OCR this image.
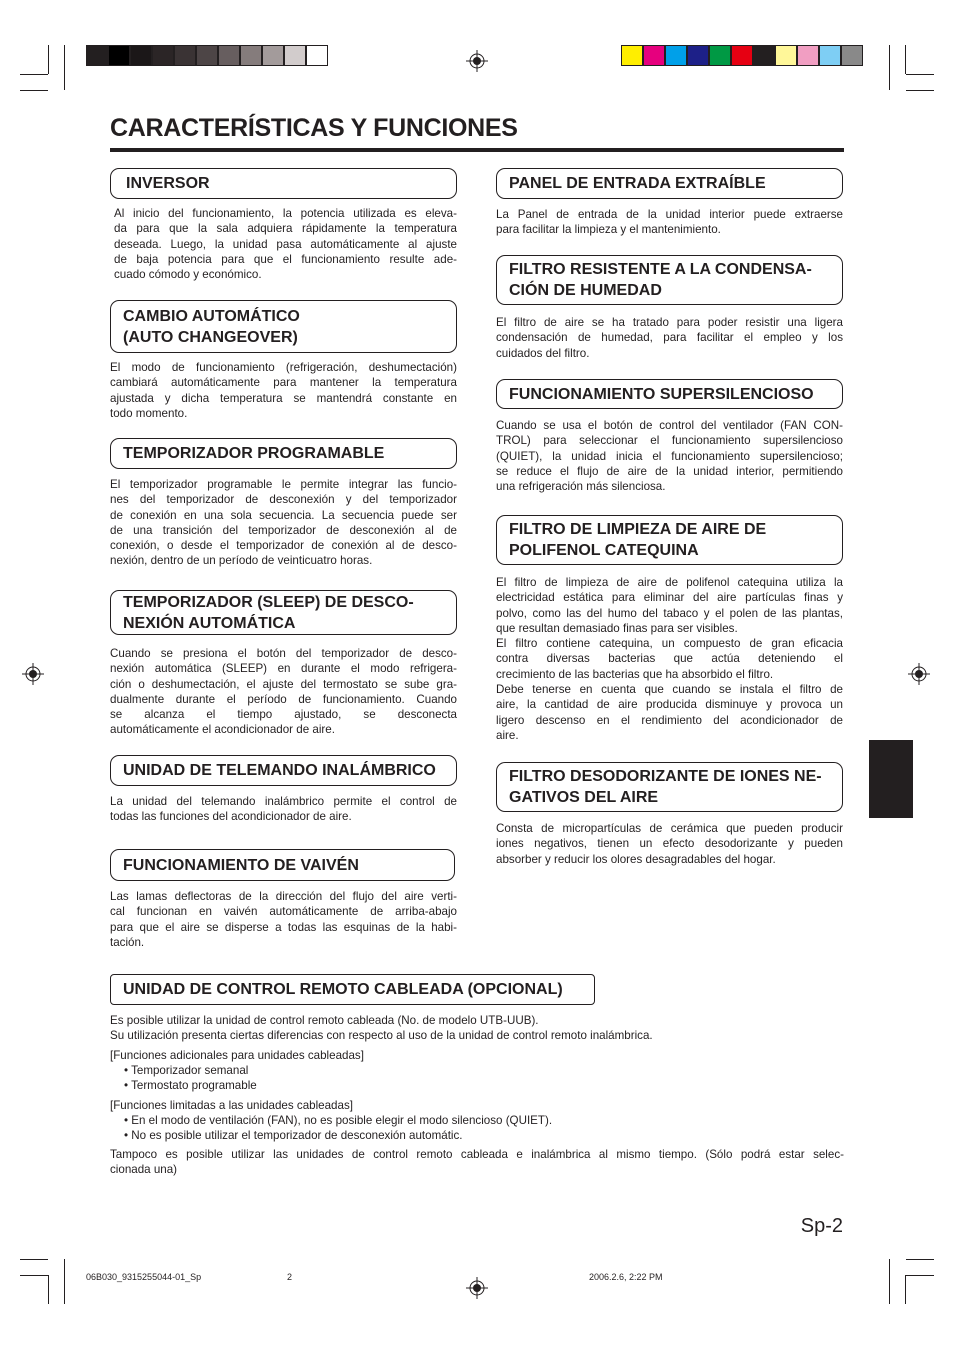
CARACTERÍSTICAS Y FUNCIONES
INVERSOR
CAMBIO AUTOMÁTICO
(AUTO CHANGEOVER)
TEMPORIZADOR PROGRAMABLE
TEMPORIZADOR (SLEEP) DE DESCO-
NEXIÓN AUTOMÁTICA
UNIDAD DE TELEMANDO INALÁMBRICO
FUNCIONAMIENTO DE VAIVÉN
Al inicio del funcionamiento, la potencia utilizada es eleva-
da para que la sala adquiera rápidamente la temperatura
deseada. Luego, la unidad pasa automáticamente al ajuste
de baja potencia para que el funcionamiento resulte ade-
cuado cómodo y económico.
El modo de funcionamiento (refrigeración, deshumectación)
cambiará automáticamente para mantener la temperatura
ajustada y dicha temperatura se mantendrá constante en
todo momento.
El temporizador programable le permite integrar las funcio-
nes del temporizador de desconexión y del temporizador
de conexión en una sola secuencia. La secuencia puede ser
de una transición del temporizador de desconexión al de
conexión, o desde el temporizador de conexión al de desco-
nexión, dentro de un período de veinticuatro horas.
Cuando se presiona el botón del temporizador de desco-
nexión automática (SLEEP) en durante el modo refrigera-
ción o deshumectación, el ajuste del termostato se sube gra-
dualmente durante el período de funcionamiento. Cuando
se alcanza el tiempo ajustado, se desconecta
automáticamente el acondicionador de aire.
La unidad del telemando inalámbrico permite el control de
todas las funciones del acondicionador de aire.
Las lamas deflectoras de la dirección del flujo del aire verti-
cal funcionan en vaivén automáticamente de arriba-abajo
para que el aire se disperse a todas las esquinas de la habi-
tación.
PANEL DE ENTRADA EXTRAÍBLE
FILTRO RESISTENTE A LA CONDENSA-
CIÓN DE HUMEDAD
FUNCIONAMIENTO SUPERSILENCIOSO
FILTRO DE LIMPIEZA DE AIRE DE
POLIFENOL CATEQUINA
FILTRO DESODORIZANTE DE IONES NE-
GATIVOS DEL AIRE
La Panel de entrada de la unidad interior puede extraerse
para facilitar la limpieza y el mantenimiento.
El filtro de aire se ha tratado para poder resistir una ligera
condensación de humedad, para facilitar el empleo y los
cuidados del filtro.
Cuando se usa el botón de control del ventilador (FAN CON-
TROL) para seleccionar el funcionamiento supersilencioso
(QUIET), la unidad inicia el funcionamiento supersilencioso;
se reduce el flujo de aire de la unidad interior, permitiendo
una refrigeración más silenciosa.
El filtro de limpieza de aire de polifenol catequina utiliza la
electricidad estática para eliminar del aire partículas finas y
polvo, como las del humo del tabaco y el polen de las plantas,
que resultan demasiado finas para ser visibles.
El filtro contiene catequina, un compuesto de gran eficacia
contra diversas bacterias que actúa deteniendo el
crecimiento de las bacterias que ha absorbido el filtro.
Debe tenerse en cuenta que cuando se instala el filtro de
aire, la cantidad de aire producida disminuye y provoca un
ligero descenso en el rendimiento del acondicionador de
aire.
Consta de micropartículas de cerámica que pueden producir
iones negativos, tienen un efecto desodorizante y pueden
absorber y reducir los olores desagradables del hogar.
UNIDAD DE CONTROL REMOTO CABLEADA (OPCIONAL)
Es posible utilizar la unidad de control remoto cableada (No. de modelo UTB-UUB).
Su utilización presenta ciertas diferencias con respecto al uso de la unidad de control remoto inalámbrica.
[Funciones adicionales para unidades cableadas]
• Temporizador semanal
• Termostato programable
[Funciones limitadas a las unidades cableadas]
• En el modo de ventilación (FAN), no es posible elegir el modo silencioso (QUIET).
• No es posible utilizar el temporizador de desconexión automátic.
Tampoco es posible utilizar las unidades de control remoto cableada e inalámbrica al mismo tiempo. (Sólo podrá estar selec-
cionada una)
Sp-2
06B030_9315255044-01_Sp	2	2006.2.6, 2:22 PM
